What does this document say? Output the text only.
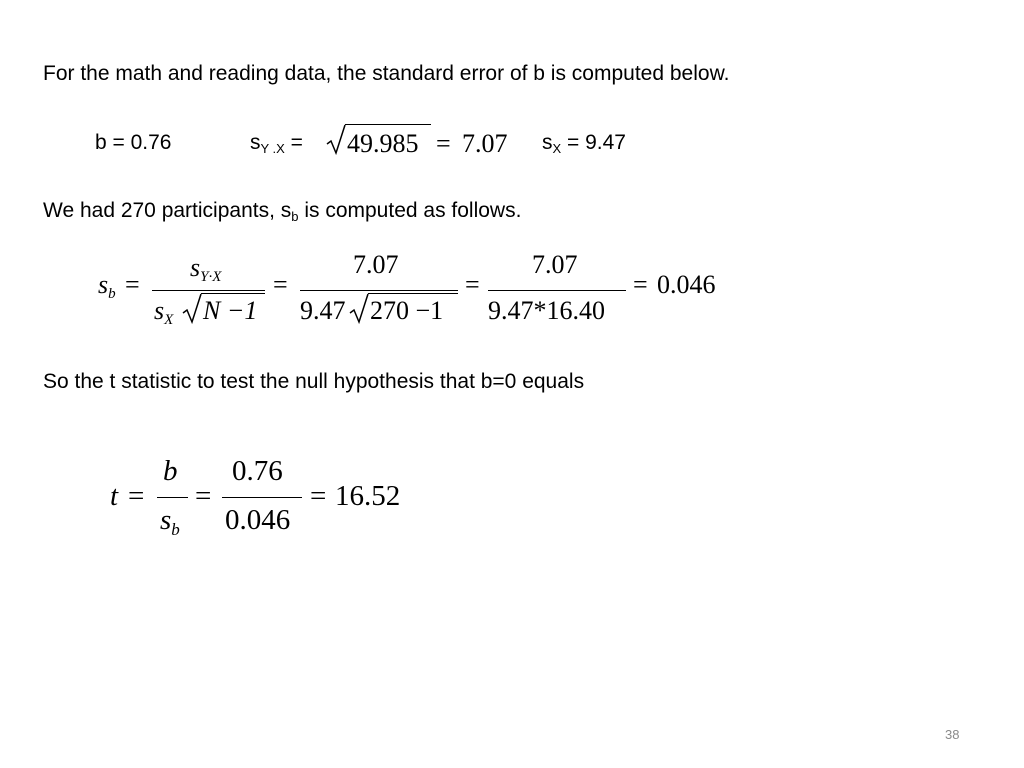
For the math and reading data, the standard error of b is computed below.
b = 0.76	$s_{Y .X} = 49.985 = 7.07$ $s_X = 9.47$
We had 270 participants, $s_b$ is computed as follows.
$s_b$ =
$s_{Y\cdot X}$
$s_X$ N −1
=
7.07
9.47 270 −1
=
7.07
9.47*16.40
= 0.046
So the t statistic to test the null hypothesis that b=0 equals
t =
b
$s_b$
=
0.76
0.046
= 16.52
38
